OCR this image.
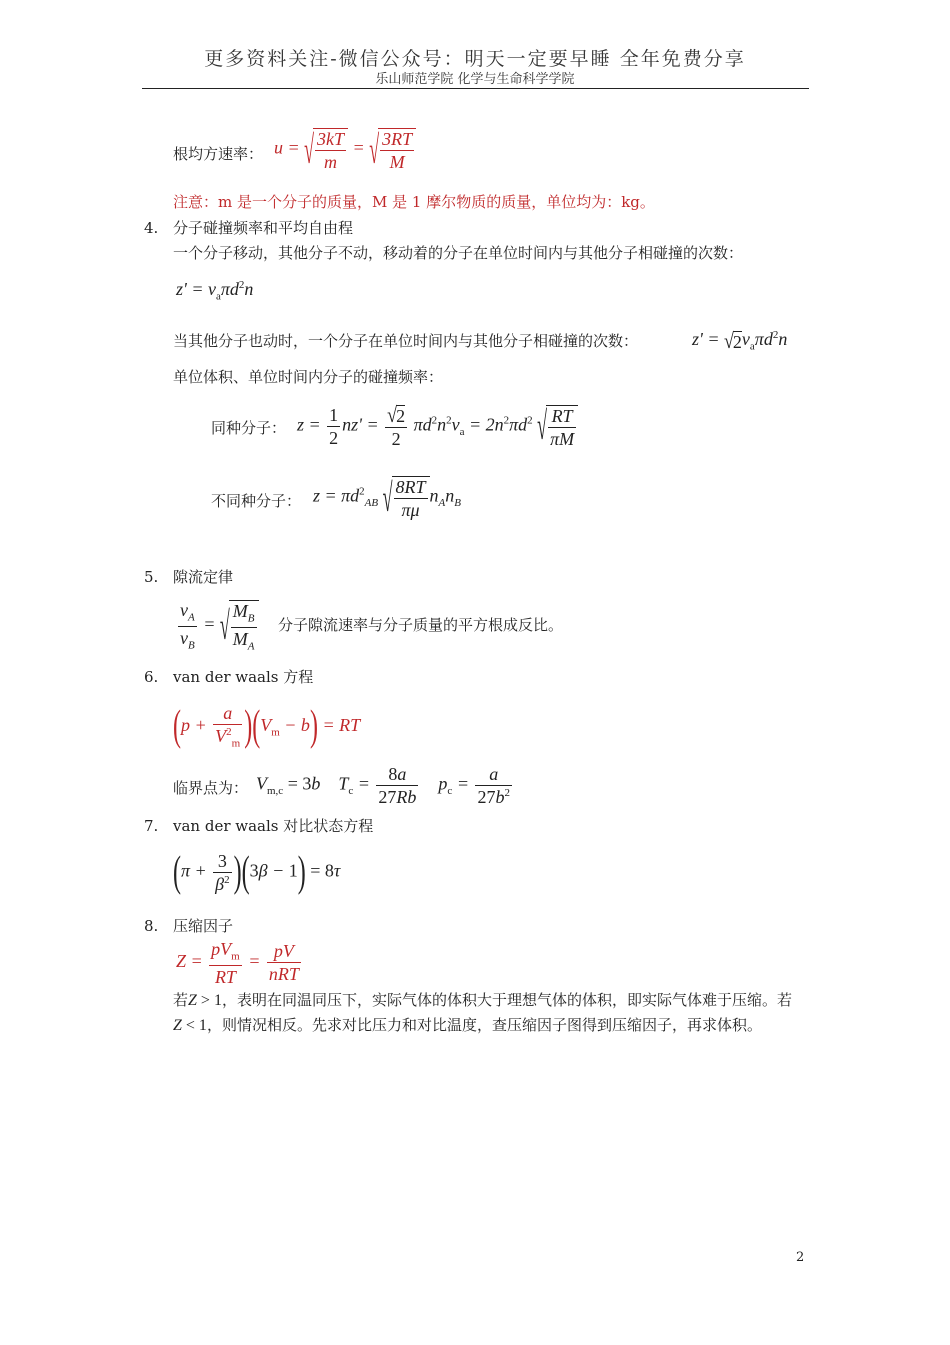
更多资料关注-微信公众号：明天一定要早睡 全年免费分享
乐山师范学院 化学与生命科学学院
根均方速率： u = √ $\frac{3kT}{m}$ = √ $\frac{3RT}{M}$
注意：m 是一个分子的质量，M 是 1 摩尔物质的质量，单位均为：kg。
4. 分子碰撞频率和平均自由程
一个分子移动，其他分子不动，移动着的分子在单位时间内与其他分子相碰撞的次数：
$z' = v_a\pi d^2n$
当其他分子也动时，一个分子在单位时间内与其他分子相碰撞的次数：	$z' = √2v_a\pi d^2n$
单位体积、单位时间内分子的碰撞频率：
同种分子： $z = \frac{1}{2} nz' = \frac{√2}{2} \pi d^2n^2v_a = 2n^2\pi d^2$ √ $\frac{RT}{\pi M}$
不同种分子： $z = \pi d^2_{AB}$ √ $\frac{8RT}{\pi\mu} n_An_B$
5. 隙流定律
$\frac{v_A}{v_B}$ = √ $\frac{M_B}{M_A}$ 分子隙流速率与分子质量的平方根成反比。
6. van der waals 方程
$(p + \frac{a}{V^2_m} )(V_m - b)$ = RT
临界点为： $V_{m,c} = 3b$    $T_c = \frac{8a}{27Rb} p_c = \frac{a}{27b^2}$
7. van der waals 对比状态方程
$(\pi + \frac{3}{\beta^2} )(3\beta - 1) = 8\tau$
8. 压缩因子
$Z = \frac{pV_m}{RT} = \frac{pV}{\text{nRT}}$
若Z > 1，表明在同温同压下，实际气体的体积大于理想气体的体积，即实际气体难于压缩。若Z < 1，则情况相反。先求对比压力和对比温度，查压缩因子图得到压缩因子，再求体积。
2
